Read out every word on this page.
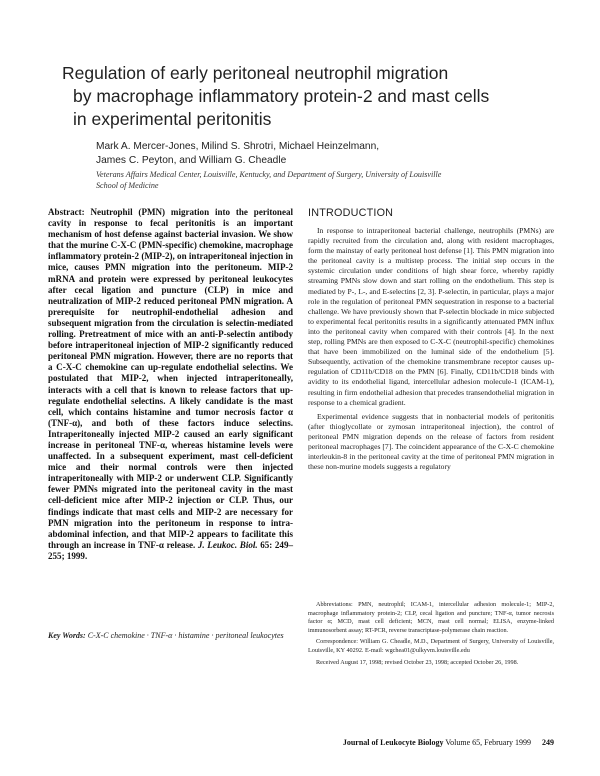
Regulation of early peritoneal neutrophil migration
by macrophage inflammatory protein-2 and mast cells
in experimental peritonitis
Mark A. Mercer-Jones, Milind S. Shrotri, Michael Heinzelmann,
James C. Peyton, and William G. Cheadle
Veterans Affairs Medical Center, Louisville, Kentucky, and Department of Surgery, University of Louisville
School of Medicine
Abstract: Neutrophil (PMN) migration into the peritoneal cavity in response to fecal peritonitis is an important mechanism of host defense against bacterial invasion. We show that the murine C-X-C (PMN-specific) chemokine, macrophage inflammatory protein-2 (MIP-2), on intraperitoneal injection in mice, causes PMN migration into the peritoneum. MIP-2 mRNA and protein were expressed by peritoneal leukocytes after cecal ligation and puncture (CLP) in mice and neutralization of MIP-2 reduced peritoneal PMN migration. A prerequisite for neutrophil-endothelial adhesion and subsequent migration from the circulation is selectin-mediated rolling. Pretreatment of mice with an anti-P-selectin antibody before intraperitoneal injection of MIP-2 significantly reduced peritoneal PMN migration. However, there are no reports that a C-X-C chemokine can up-regulate endothelial selectins. We postulated that MIP-2, when injected intraperitoneally, interacts with a cell that is known to release factors that up-regulate endothelial selectins. A likely candidate is the mast cell, which contains histamine and tumor necrosis factor α (TNF-α), and both of these factors induce selectins. Intraperitoneally injected MIP-2 caused an early significant increase in peritoneal TNF-α, whereas histamine levels were unaffected. In a subsequent experiment, mast cell-deficient mice and their normal controls were then injected intraperitoneally with MIP-2 or underwent CLP. Significantly fewer PMNs migrated into the peritoneal cavity in the mast cell-deficient mice after MIP-2 injection or CLP. Thus, our findings indicate that mast cells and MIP-2 are necessary for PMN migration into the peritoneum in response to intra-abdominal infection, and that MIP-2 appears to facilitate this through an increase in TNF-α release. J. Leukoc. Biol. 65: 249–255; 1999.
Key Words: C-X-C chemokine · TNF-α · histamine · peritoneal leukocytes
INTRODUCTION

In response to intraperitoneal bacterial challenge, neutrophils (PMNs) are rapidly recruited from the circulation and, along with resident macrophages, form the mainstay of early peritoneal host defense [1]. This PMN migration into the peritoneal cavity is a multistep process. The initial step occurs in the systemic circulation under conditions of high shear force, whereby rapidly streaming PMNs slow down and start rolling on the endothelium. This step is mediated by P-, L-, and E-selectins [2, 3]. P-selectin, in particular, plays a major role in the regulation of peritoneal PMN sequestration in response to a bacterial challenge. We have previously shown that P-selectin blockade in mice subjected to experimental fecal peritonitis results in a significantly attenuated PMN influx into the peritoneal cavity when compared with their controls [4]. In the next step, rolling PMNs are then exposed to C-X-C (neutrophil-specific) chemokines that have been immobilized on the luminal side of the endothelium [5]. Subsequently, activation of the chemokine transmembrane receptor causes up-regulation of CD11b/CD18 on the PMN [6]. Finally, CD11b/CD18 binds with avidity to its endothelial ligand, intercellular adhesion molecule-1 (ICAM-1), resulting in firm endothelial adhesion that precedes transendothelial migration in response to a chemical gradient.

Experimental evidence suggests that in nonbacterial models of peritonitis (after thioglycollate or zymosan intraperitoneal injection), the control of peritoneal PMN migration depends on the release of factors from resident peritoneal macrophages [7]. The coincident appearance of the C-X-C chemokine interleukin-8 in the peritoneal cavity at the time of peritoneal PMN migration in these non-murine models suggests a regulatory

Abbreviations: PMN, neutrophil; ICAM-1, intercellular adhesion molecule-1; MIP-2, macrophage inflammatory protein-2; CLP, cecal ligation and puncture; TNF-α, tumor necrosis factor α; MCD, mast cell deficient; MCN, mast cell normal; ELISA, enzyme-linked immunosorbent assay; RT-PCR, reverse transcriptase-polymerase chain reaction.

Correspondence: William G. Cheadle, M.D., Department of Surgery, University of Louisville, Louisville, KY 40292. E-mail: wgchea01@ulkyvm.louisville.edu

Received August 17, 1998; revised October 23, 1998; accepted October 26, 1998.

Journal of Leukocyte Biology Volume 65, February 1999 249
